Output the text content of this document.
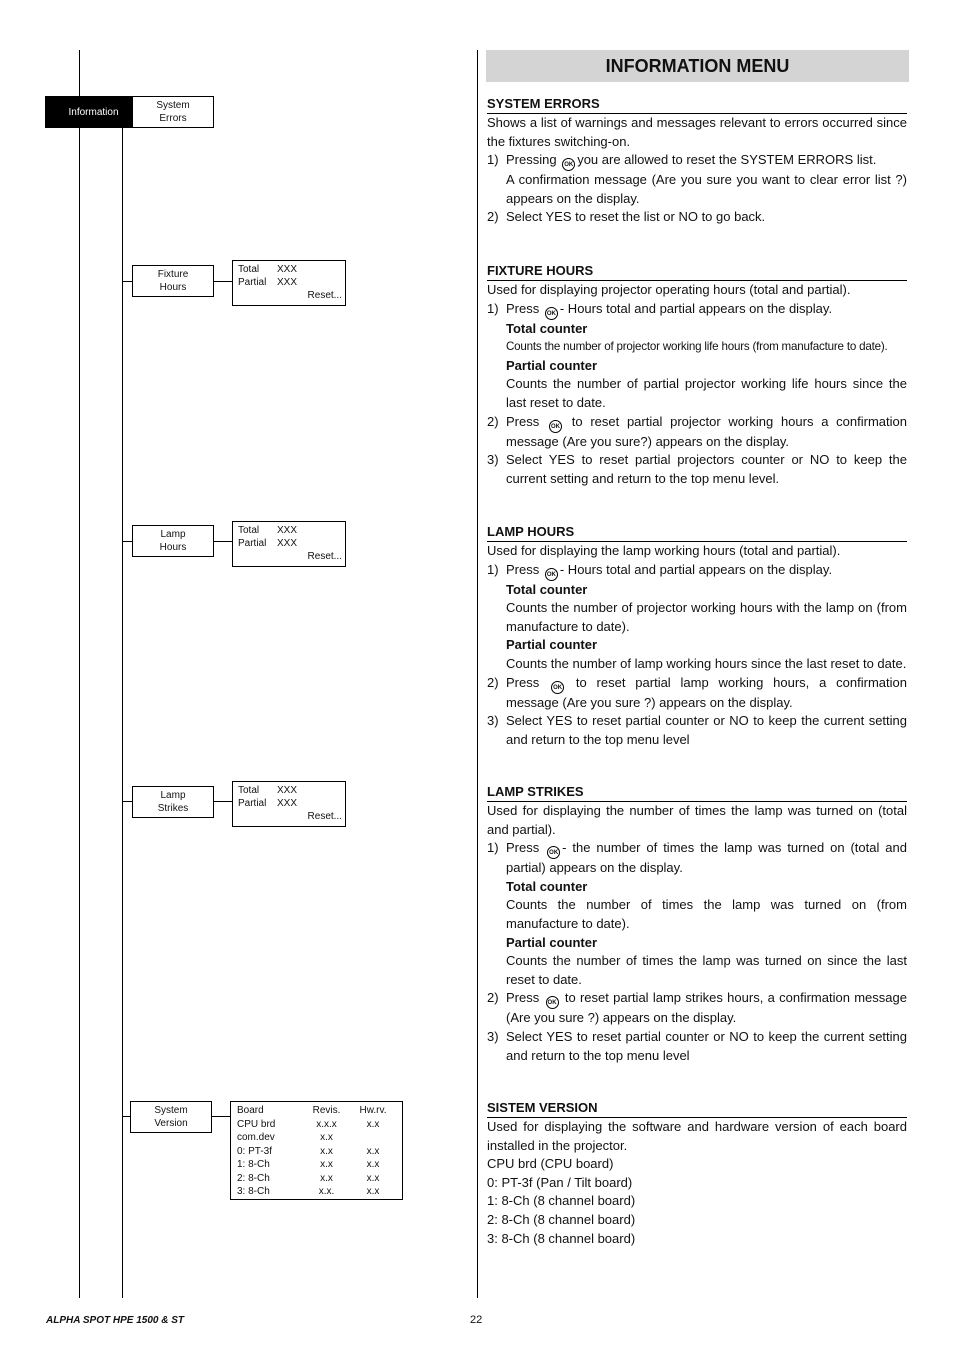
Information
System
Errors
Fixture
Hours
Lamp
Hours
Lamp
Strikes
System
Version
Total	XXX
Partial	XXX
Reset...
Total	XXX
Partial	XXX
Reset...
Total	XXX
Partial	XXX
Reset...
Board	Revis.	Hw.rv.
CPU brd	x.x.x	x.x
com.dev	x.x	
0: PT-3f	x.x	x.x
1: 8-Ch	x.x	x.x
2: 8-Ch	x.x	x.x
3: 8-Ch	x.x.	x.x
INFORMATION MENU
SYSTEM ERRORS

Shows a list of warnings and messages relevant to errors occurred since the fixtures switching-on.

1) Pressing OK you are allowed to reset the SYSTEM ERRORS list.
A confirmation message (Are you sure you want to clear error list ?) appears on the display.
2) Select YES to reset the list or NO to go back.
FIXTURE HOURS

Used for displaying projector operating hours (total and partial).

1) Press OK - Hours total and partial appears on the display.
Total counter
Counts the number of projector working life hours (from manufacture to date).
Partial counter
Counts the number of partial projector working life hours since the last reset to date.
2) Press OK to reset partial projector working hours a confirmation message (Are you sure?) appears on the display.
3) Select YES to reset partial projectors counter or NO to keep the current setting and return to the top menu level.
LAMP HOURS

Used for displaying the lamp working hours (total and partial).

1) Press OK - Hours total and partial appears on the display.
Total counter
Counts the number of projector working hours with the lamp on (from manufacture to date).
Partial counter
Counts the number of lamp working hours since the last reset to date.
2) Press OK to reset partial lamp working hours, a confirmation message (Are you sure ?) appears on the display.
3) Select YES to reset partial counter or NO to keep the current setting and return to the top menu level
LAMP STRIKES

Used for displaying the number of times the lamp was turned on (total and partial).

1) Press OK - the number of times the lamp was turned on (total and partial) appears on the display.
Total counter
Counts the number of times the lamp was turned on (from manufacture to date).
Partial counter
Counts the number of times the lamp was turned on since the last reset to date.
2) Press OK to reset partial lamp strikes hours, a confirmation message (Are you sure ?) appears on the display.
3) Select YES to reset partial counter or NO to keep the current setting and return to the top menu level
SISTEM VERSION

Used for displaying the software and hardware version of each board installed in the projector.

CPU brd (CPU board)
0: PT-3f (Pan / Tilt board)
1: 8-Ch (8 channel board)
2: 8-Ch (8 channel board)
3: 8-Ch (8 channel board)
ALPHA SPOT HPE 1500 & ST	22
